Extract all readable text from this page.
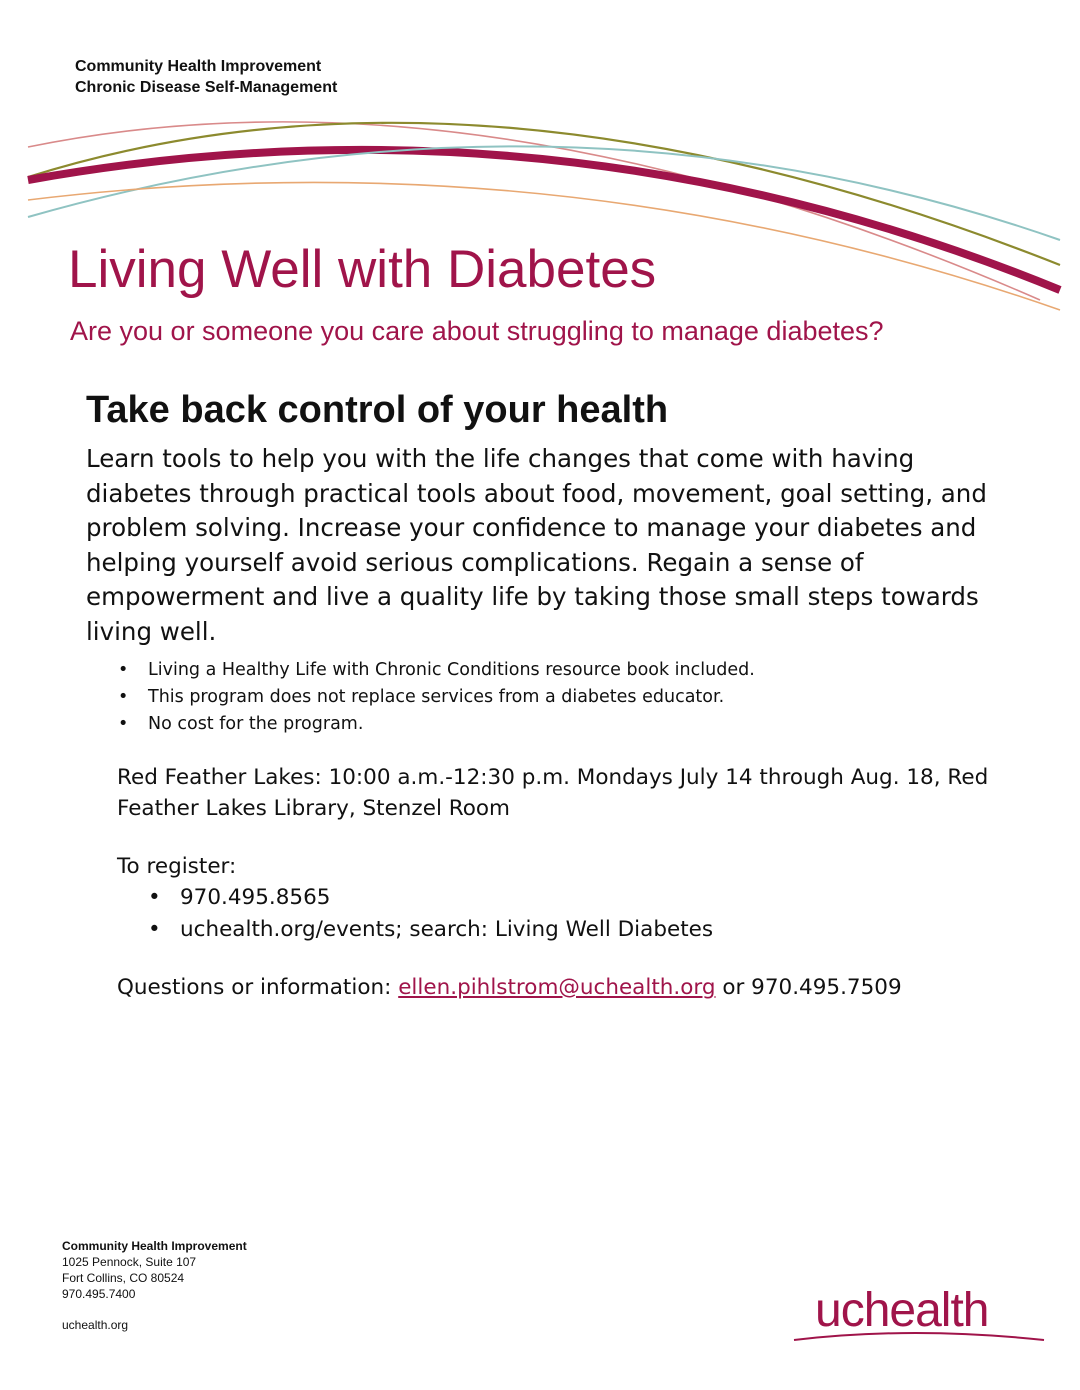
Community Health Improvement
Chronic Disease Self-Management
Living Well with Diabetes

Are you or someone you care about struggling to manage diabetes?

Take back control of your health

Learn tools to help you with the life changes that come with having diabetes through practical tools about food, movement, goal setting, and problem solving. Increase your confidence to manage your diabetes and helping yourself avoid serious complications. Regain a sense of empowerment and live a quality life by taking those small steps towards living well.

• Living a Healthy Life with Chronic Conditions resource book included.
• This program does not replace services from a diabetes educator.
• No cost for the program.

Red Feather Lakes: 10:00 a.m.-12:30 p.m. Mondays July 14 through Aug. 18, Red Feather Lakes Library, Stenzel Room

To register:

• 970.495.8565
• uchealth.org/events; search: Living Well Diabetes

Questions or information: ellen.pihlstrom@uchealth.org or 970.495.7509

Community Health Improvement
1025 Pennock, Suite 107
Fort Collins, CO 80524
970.495.7400
uchealth.org	uchealth
